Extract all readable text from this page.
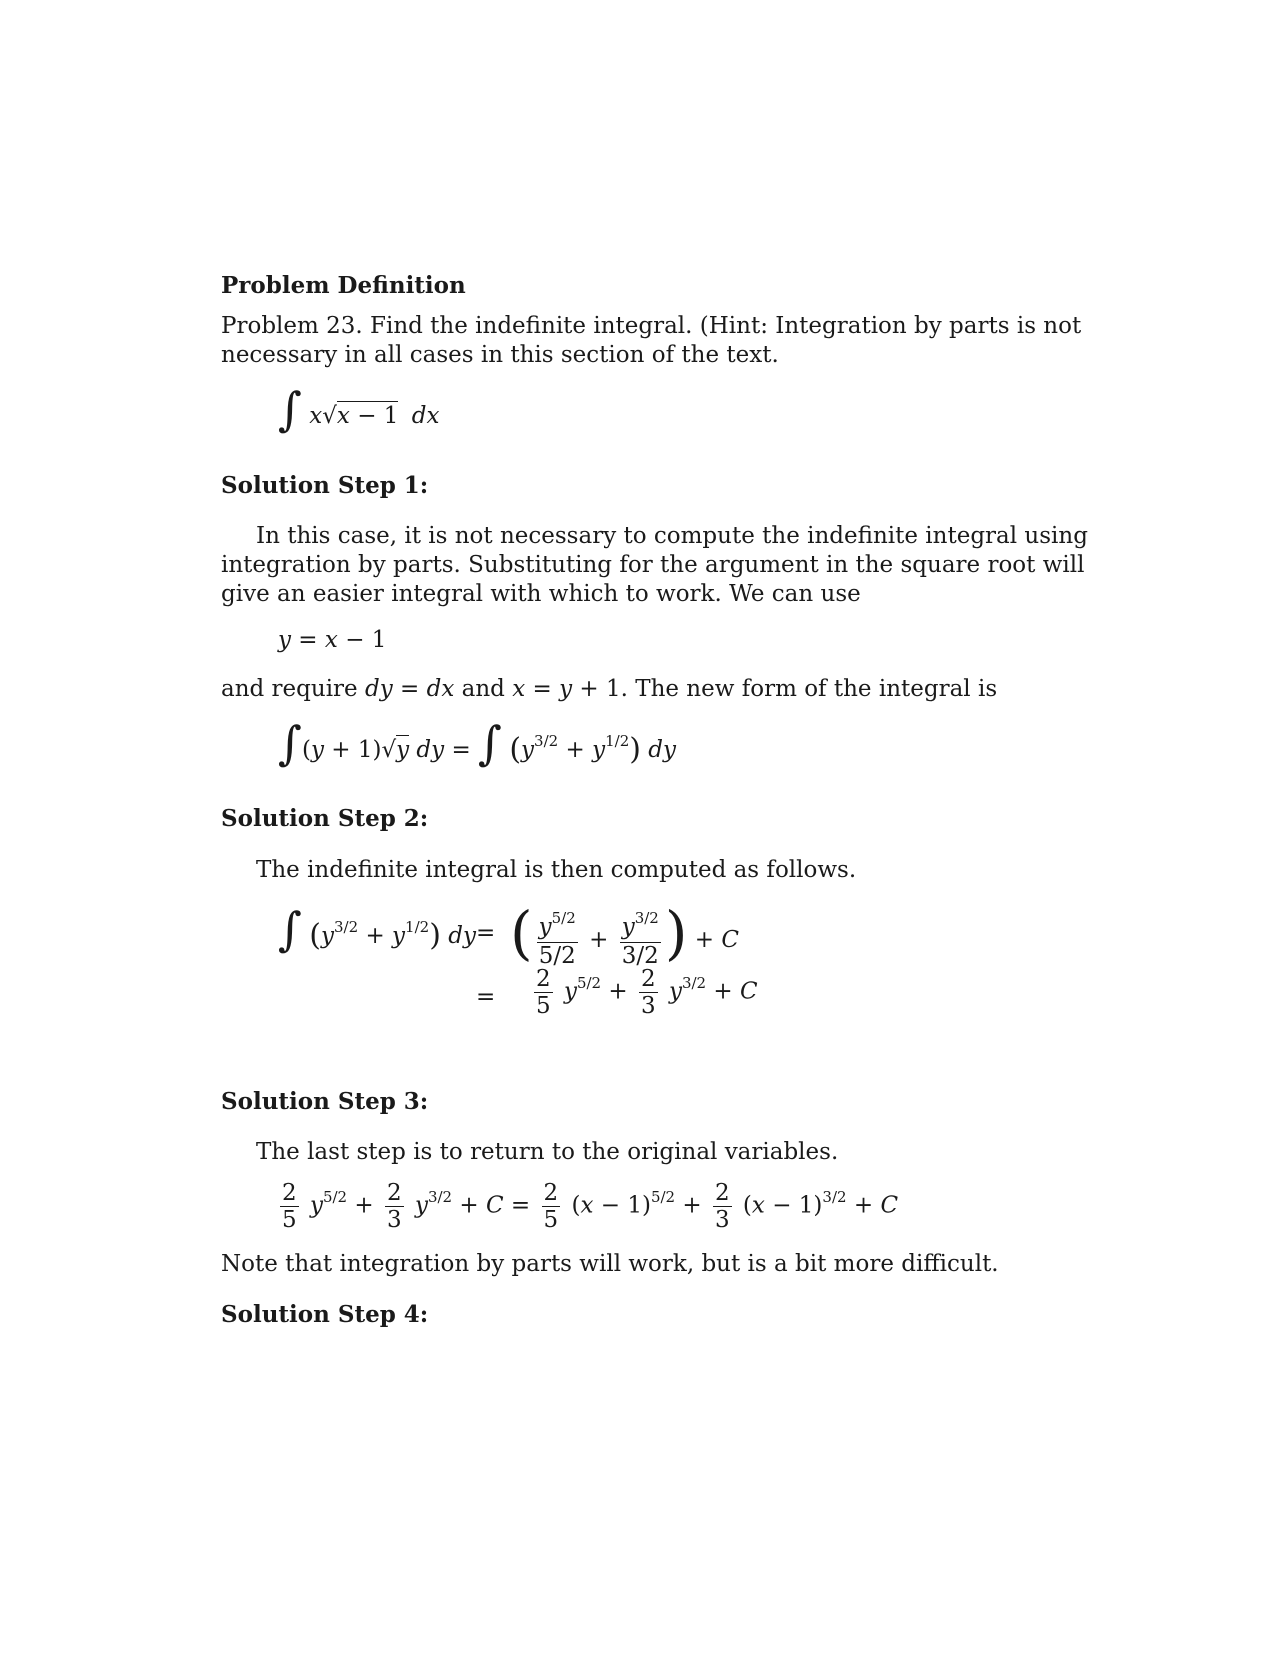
Problem Definition
Problem 23. Find the indefinite integral. (Hint: Integration by parts is not
necessary in all cases in this section of the text.
∫ x√x − 1 dx
Solution Step 1:
In this case, it is not necessary to compute the indefinite integral using
integration by parts. Substituting for the argument in the square root will
give an easier integral with which to work. We can use
y = x − 1
and require dy = dx and x = y + 1. The new form of the integral is
∫(y + 1)√y dy = ∫ $(y^{3/2} + y^{1/2})$ dy
Solution Step 2:
The indefinite integral is then computed as follows.
∫ $(y^{3/2} + y^{1/2})$ dy = ( $\frac{y^{5/2}}{5/2} + \frac{y^{3/2}}{3/2}$ ) + C
= $\frac{2}{5} y^{5/2} + \frac{2}{3} y^{3/2} + C$
Solution Step 3:
The last step is to return to the original variables.
$\frac{2}{5} y^{5/2} + \frac{2}{3} y^{3/2} + C = \frac{2}{5} (x - 1)^{5/2} + \frac{2}{3} (x - 1)^{3/2} + C$
Note that integration by parts will work, but is a bit more difficult.
Solution Step 4:
